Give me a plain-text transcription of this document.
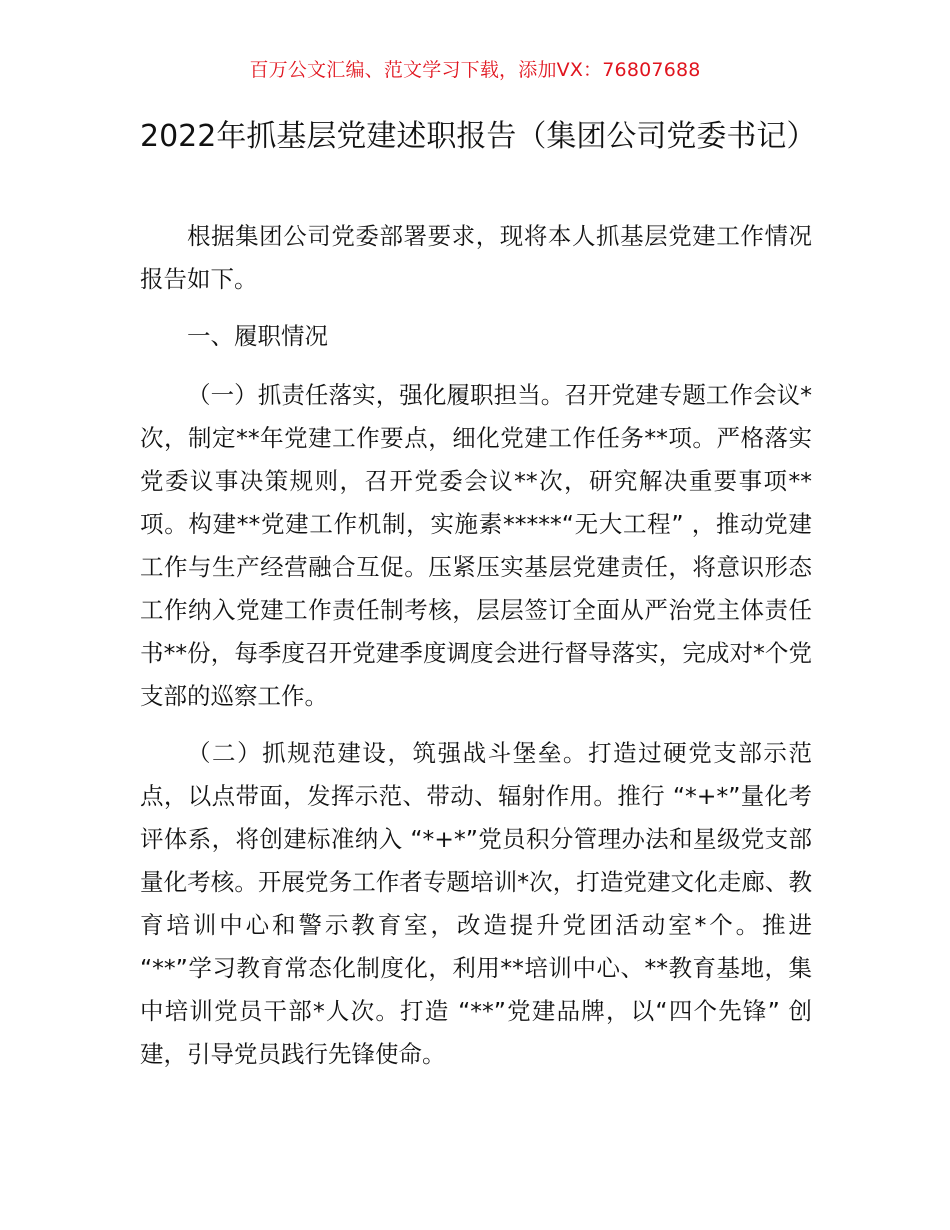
百万公文汇编、范文学习下载，添加VX：76807688
2022年抓基层党建述职报告（集团公司党委书记）

根据集团公司党委部署要求，现将本人抓基层党建工作情况报告如下。

一、履职情况

（一）抓责任落实，强化履职担当。召开党建专题工作会议*次，制定**年党建工作要点，细化党建工作任务**项。严格落实党委议事决策规则，召开党委会议**次，研究解决重要事项**项。构建**党建工作机制，实施素*****“无大工程” ，推动党建工作与生产经营融合互促。压紧压实基层党建责任，将意识形态工作纳入党建工作责任制考核，层层签订全面从严治党主体责任书**份，每季度召开党建季度调度会进行督导落实，完成对*个党支部的巡察工作。

（二）抓规范建设，筑强战斗堡垒。打造过硬党支部示范点，以点带面，发挥示范、带动、辐射作用。推行 “*+*”量化考评体系，将创建标准纳入 “*+*”党员积分管理办法和星级党支部量化考核。开展党务工作者专题培训*次，打造党建文化走廊、教育培训中心和警示教育室，改造提升党团活动室*个。推进 “**”学习教育常态化制度化，利用**培训中心、**教育基地，集中培训党员干部*人次。打造 “**”党建品牌，以“四个先锋” 创建，引导党员践行先锋使命。
